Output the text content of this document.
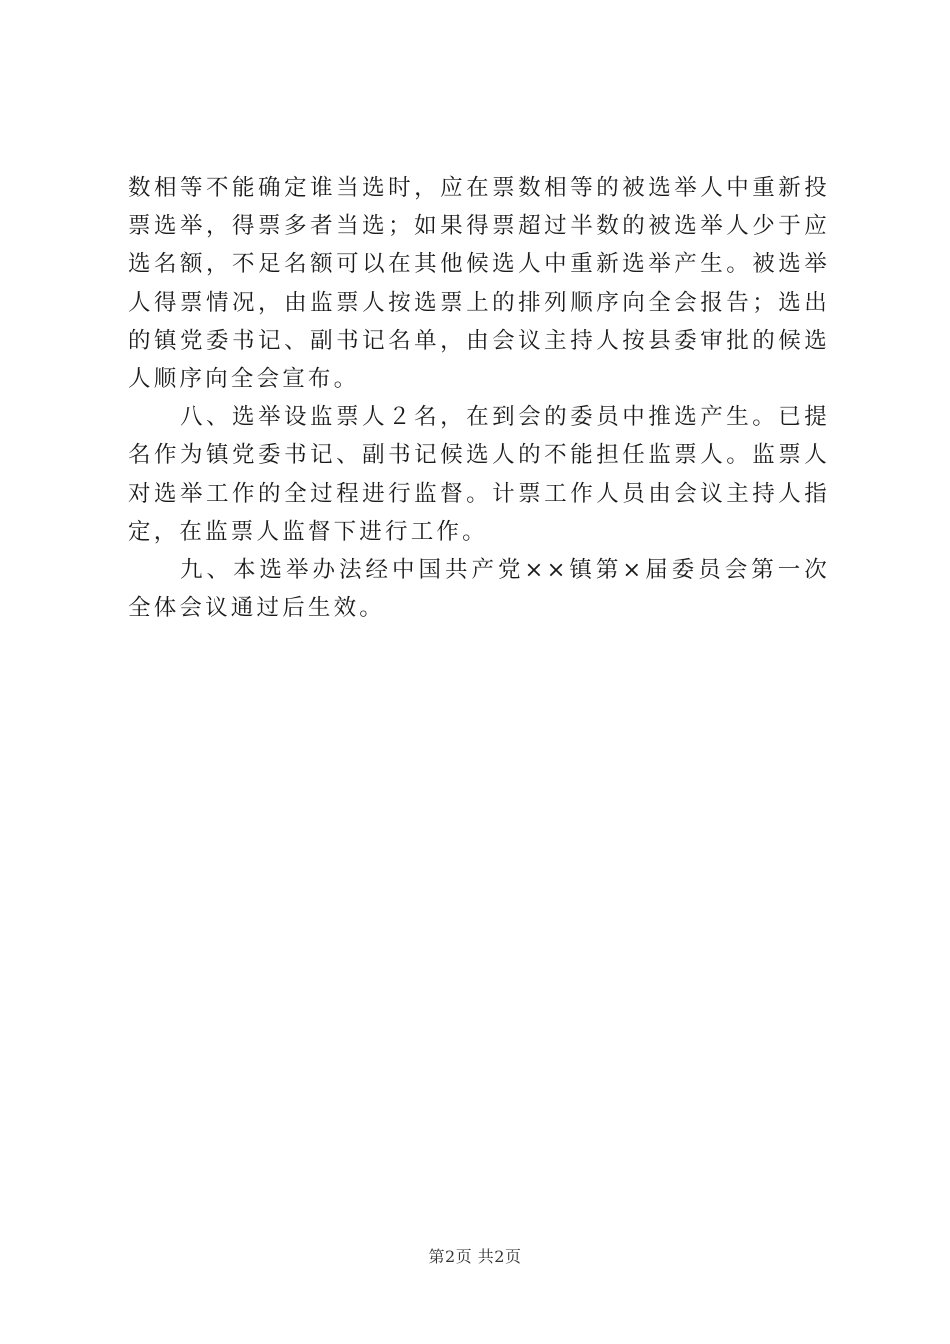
数相等不能确定谁当选时，应在票数相等的被选举人中重新投票选举，得票多者当选；如果得票超过半数的被选举人少于应选名额，不足名额可以在其他候选人中重新选举产生。被选举人得票情况，由监票人按选票上的排列顺序向全会报告；选出的镇党委书记、副书记名单，由会议主持人按县委审批的候选人顺序向全会宣布。

八、选举设监票人２名，在到会的委员中推选产生。已提名作为镇党委书记、副书记候选人的不能担任监票人。监票人对选举工作的全过程进行监督。计票工作人员由会议主持人指定，在监票人监督下进行工作。

九、本选举办法经中国共产党××镇第×届委员会第一次全体会议通过后生效。

第2页 共2页
